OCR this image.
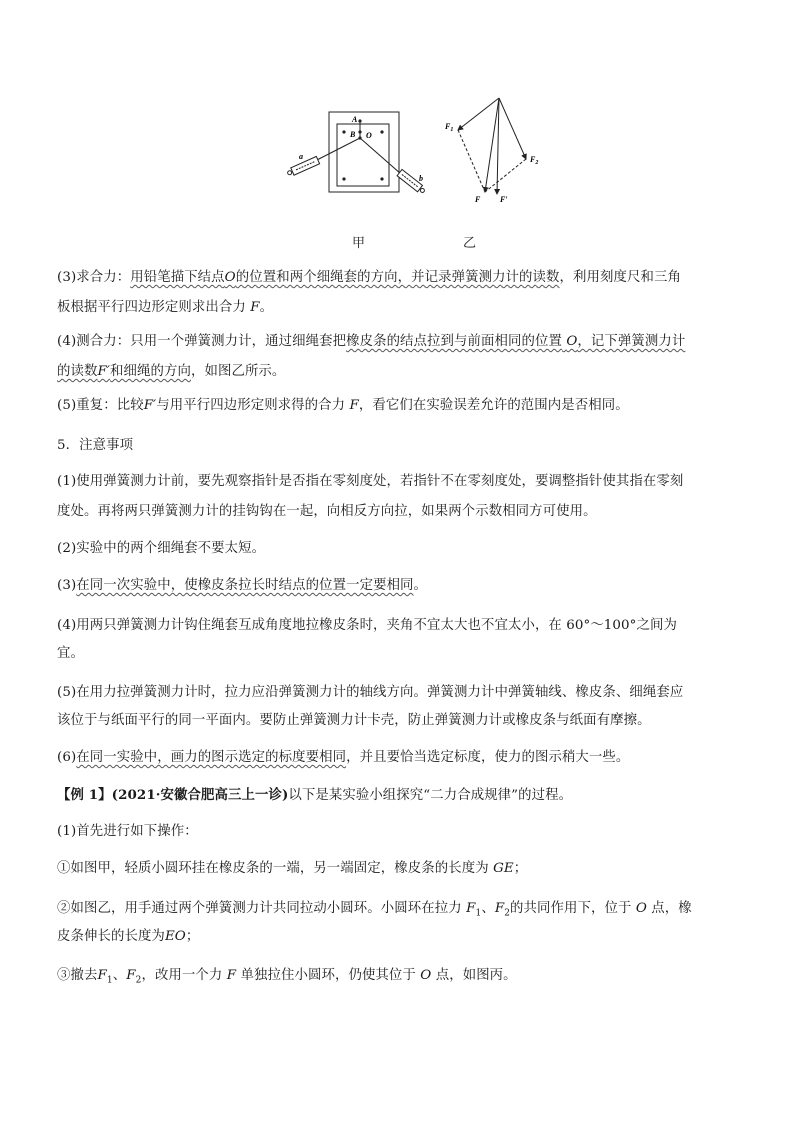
A
B O
a
b
$F_1$
$F_2$
F F′
甲	乙
(3)求合力：用铅笔描下结点O的位置和两个细绳套的方向，并记录弹簧测力计的读数，利用刻度尺和三角
板根据平行四边形定则求出合力 F。
(4)测合力：只用一个弹簧测力计，通过细绳套把橡皮条的结点拉到与前面相同的位置 O，记下弹簧测力计
的读数F′和细绳的方向，如图乙所示。
(5)重复：比较F′与用平行四边形定则求得的合力 F，看它们在实验误差允许的范围内是否相同。
5．注意事项
(1)使用弹簧测力计前，要先观察指针是否指在零刻度处，若指针不在零刻度处，要调整指针使其指在零刻
度处。再将两只弹簧测力计的挂钩钩在一起，向相反方向拉，如果两个示数相同方可使用。
(2)实验中的两个细绳套不要太短。
(3)在同一次实验中，使橡皮条拉长时结点的位置一定要相同。
(4)用两只弹簧测力计钩住绳套互成角度地拉橡皮条时，夹角不宜太大也不宜太小，在 60°～100°之间为
宜。
(5)在用力拉弹簧测力计时，拉力应沿弹簧测力计的轴线方向。弹簧测力计中弹簧轴线、橡皮条、细绳套应
该位于与纸面平行的同一平面内。要防止弹簧测力计卡壳，防止弹簧测力计或橡皮条与纸面有摩擦。
(6)在同一实验中，画力的图示选定的标度要相同，并且要恰当选定标度，使力的图示稍大一些。
【例 1】(2021·安徽合肥高三上一诊)以下是某实验小组探究“二力合成规律”的过程。
(1)首先进行如下操作：
①如图甲，轻质小圆环挂在橡皮条的一端，另一端固定，橡皮条的长度为 GE；
②如图乙，用手通过两个弹簧测力计共同拉动小圆环。小圆环在拉力 $F_1$、$F_2$的共同作用下，位于 O 点，橡
皮条伸长的长度为EO；
③撤去$F_1$、$F_2$，改用一个力 F 单独拉住小圆环，仍使其位于 O 点，如图丙。
